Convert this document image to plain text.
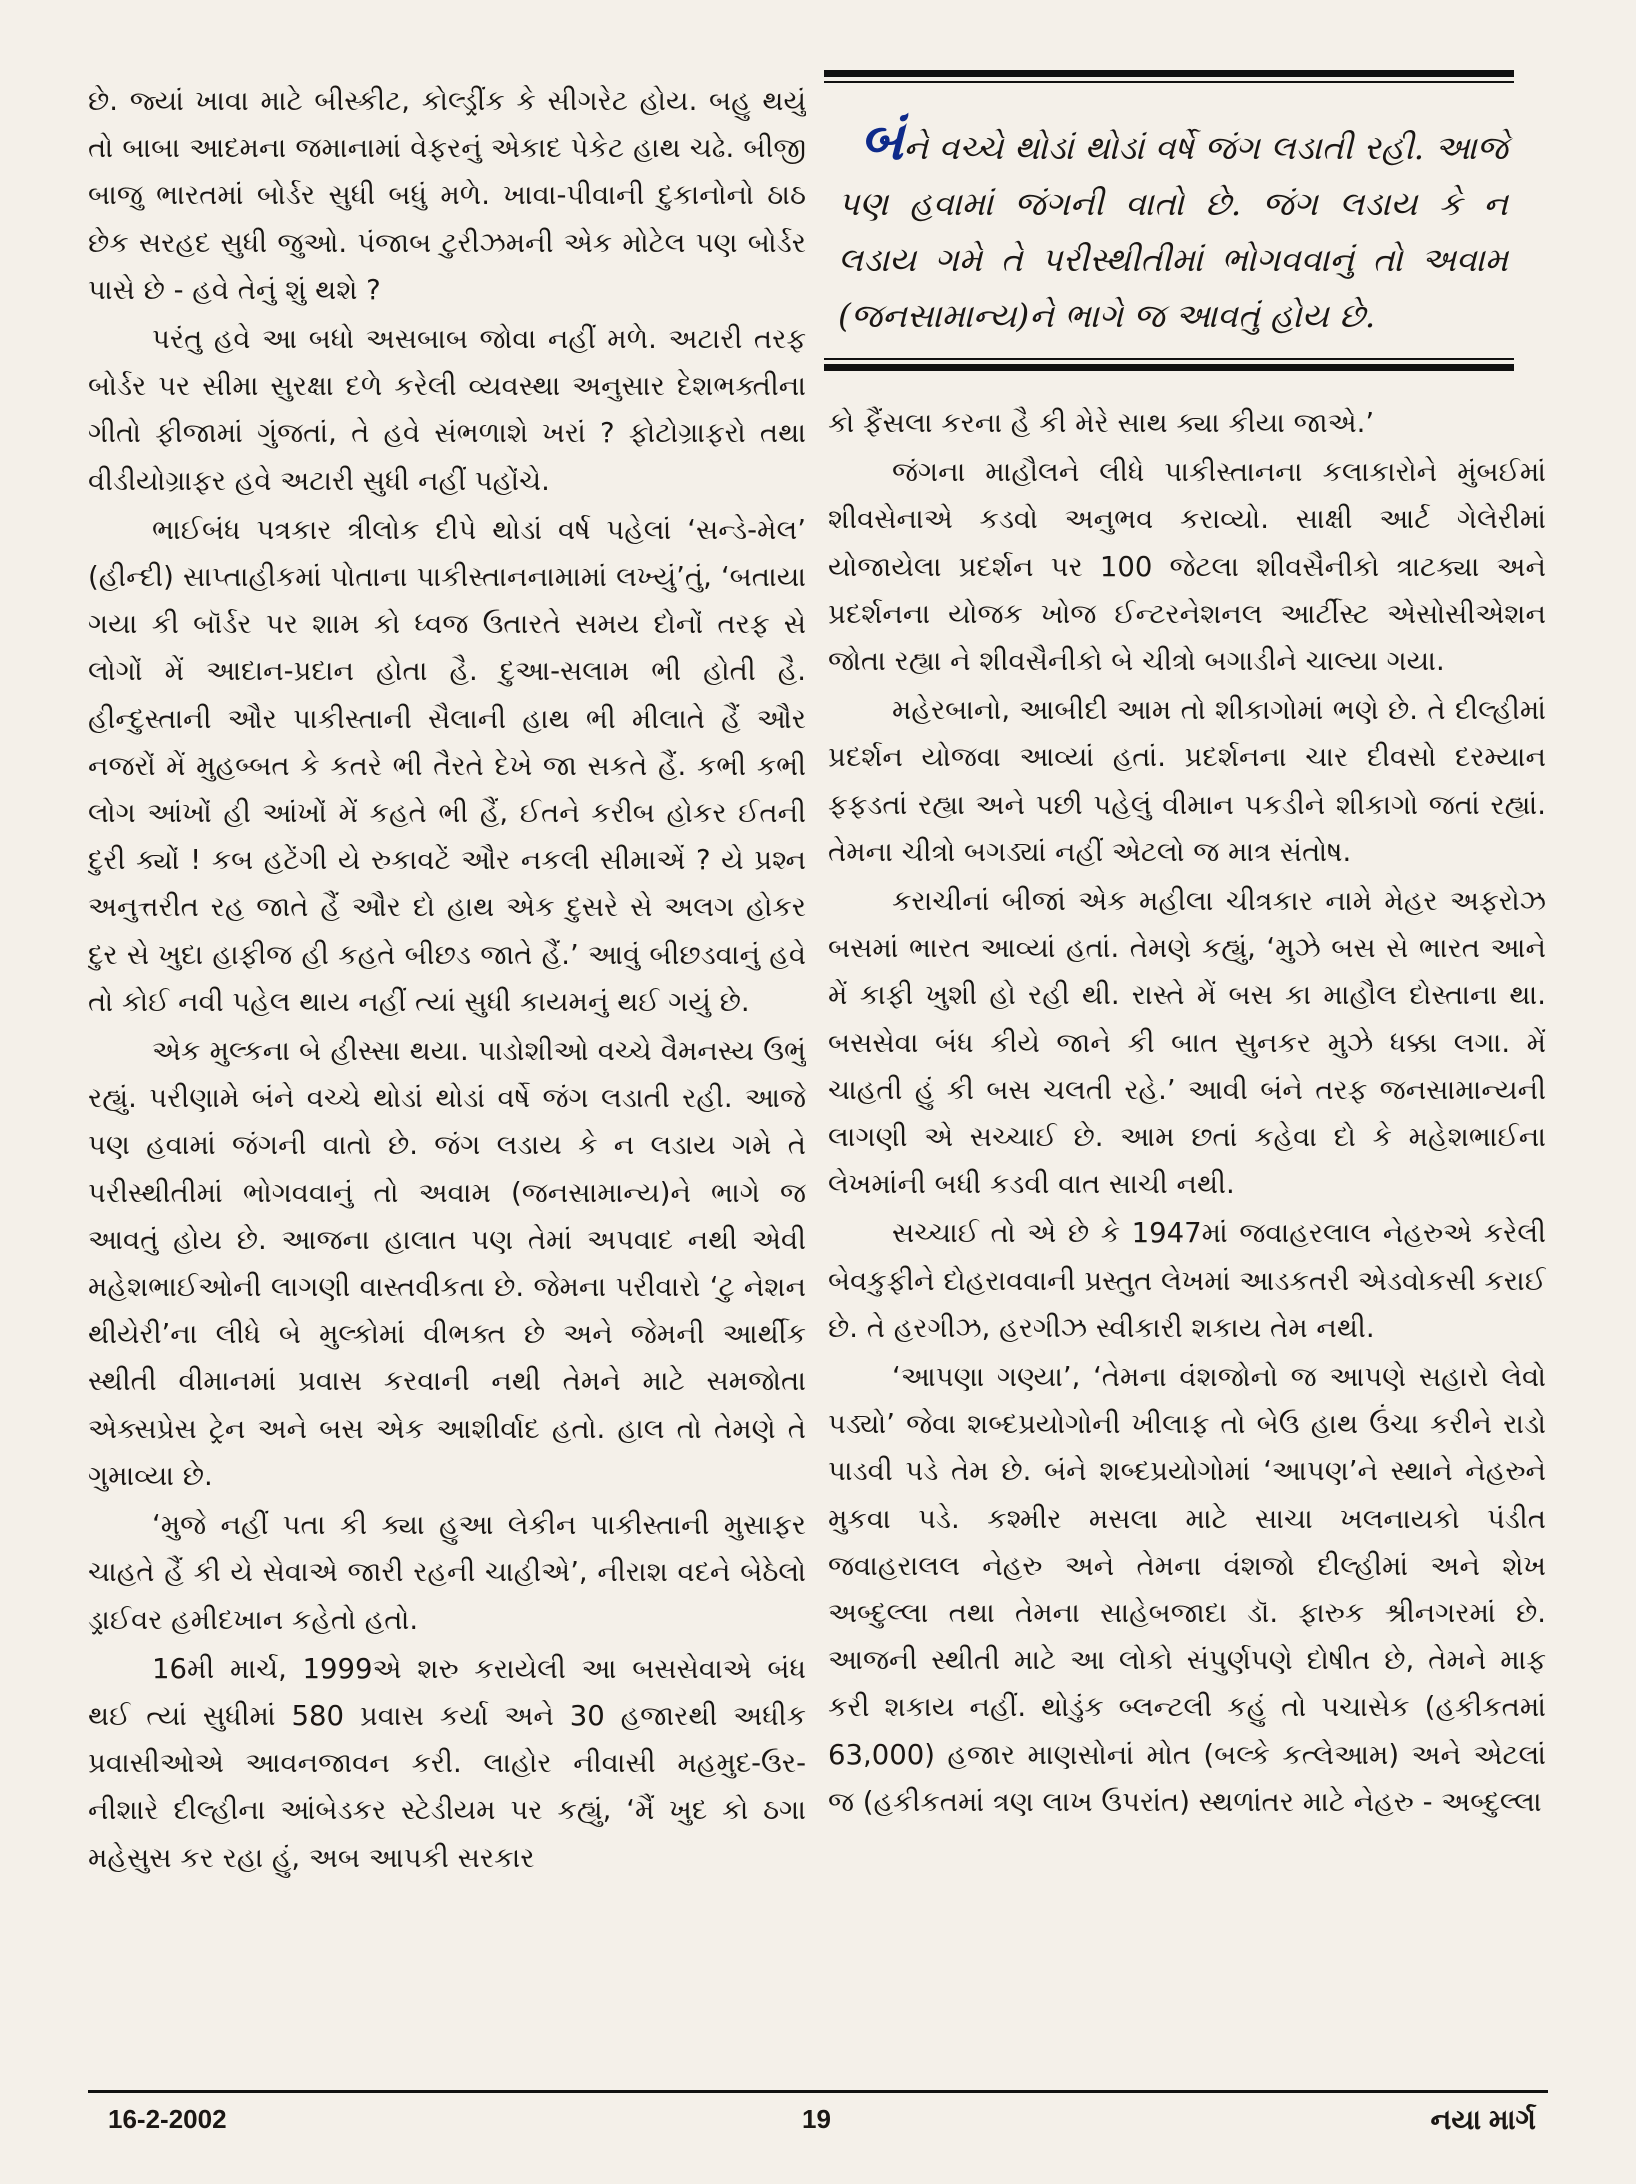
છે. જ્યાં ખાવા માટે બીસ્કીટ, કોલ્ડ્રીંક કે સીગરેટ હોય. બહુ થયું તો બાબા આદમના જમાનામાં વેફરનું એકાદ પેકેટ હાથ ચઢે. બીજી બાજુ ભારતમાં બોર્ડર સુધી બધું મળે. ખાવા-પીવાની દુકાનોનો ઠાઠ છેક સરહદ સુધી જુઓ. પંજાબ ટુરીઝમની એક મોટેલ પણ બોર્ડર પાસે છે - હવે તેનું શું થશે ?

પરંતુ હવે આ બધો અસબાબ જોવા નહીં મળે. અટારી તરફ બોર્ડર પર સીમા સુરક્ષા દળે કરેલી વ્યવસ્થા અનુસાર દેશભક્તીના ગીતો ફીજામાં ગુંજતાં, તે હવે સંભળાશે ખરાં ? ફોટોગ્રાફરો તથા વીડીયોગ્રાફર હવે અટારી સુધી નહીં પહોંચે.

ભાઈબંધ પત્રકાર ત્રીલોક દીપે થોડાં વર્ષ પહેલાં ‘સન્ડે-મેલ’ (હીન્દી) સાપ્તાહીકમાં પોતાના પાકીસ્તાનનામામાં લખ્યું’તું, ‘બતાયા ગયા કી બૉર્ડર પર શામ કો ધ્વજ ઉતારતે સમય દોનોં તરફ સે લોગોં મેં આદાન-પ્રદાન હોતા હૈ. દુઆ-સલામ ભી હોતી હૈ. હીન્દુસ્તાની ઔર પાકીસ્તાની સૈલાની હાથ ભી મીલાતે હૈં ઔર નજરોં મેં મુહબ્બત કે કતરે ભી તૈરતે દેખે જા સકતે હૈં. કભી કભી લોગ આંખોં હી આંખોં મેં કહતે ભી હૈં, ઈતને કરીબ હોકર ઈતની દુરી ક્યોં ! કબ હટેંગી યે રુકાવટેં ઔર નકલી સીમાએં ? યે પ્રશ્ન અનુત્તરીત રહ જાતે હૈં ઔર દો હાથ એક દુસરે સે અલગ હોકર દુર સે ખુદા હાફીજ હી કહતે બીછડ જાતે હૈં.’ આવું બીછડવાનું હવે તો કોઈ નવી પહેલ થાય નહીં ત્યાં સુધી કાયમનું થઈ ગયું છે.

એક મુલ્કના બે હીસ્સા થયા. પાડોશીઓ વચ્ચે વૈમનસ્ય ઉભું રહ્યું. પરીણામે બંને વચ્ચે થોડાં થોડાં વર્ષે જંગ લડાતી રહી. આજે પણ હવામાં જંગની વાતો છે. જંગ લડાય કે ન લડાય ગમે તે પરીસ્થીતીમાં ભોગવવાનું તો અવામ (જનસામાન્ય)ને ભાગે જ આવતું હોય છે. આજના હાલાત પણ તેમાં અપવાદ નથી એવી મહેશભાઈઓની લાગણી વાસ્તવીકતા છે. જેમના પરીવારો ‘ટુ નેશન થીયેરી’ના લીધે બે મુલ્કોમાં વીભક્ત છે અને જેમની આર્થીક સ્થીતી વીમાનમાં પ્રવાસ કરવાની નથી તેમને માટે સમજોતા એક્સપ્રેસ ટ્રેન અને બસ એક આશીર્વાદ હતો. હાલ તો તેમણે તે ગુમાવ્યા છે.

‘મુજે નહીં પતા કી ક્યા હુઆ લેકીન પાકીસ્તાની મુસાફર ચાહતે હૈં કી યે સેવાએ જારી રહની ચાહીએ’, નીરાશ વદને બેઠેલો ડ્રાઈવર હમીદખાન કહેતો હતો.

16મી માર્ચ, 1999એ શરુ કરાયેલી આ બસસેવાએ બંધ થઈ ત્યાં સુધીમાં 580 પ્રવાસ કર્યા અને 30 હજારથી અધીક પ્રવાસીઓએ આવનજાવન કરી. લાહોર નીવાસી મહમુદ-ઉર-નીશારે દીલ્હીના આંબેડકર સ્ટેડીયમ પર કહ્યું, ‘મૈં ખુદ કો ઠગા મહેસુસ કર રહા હું, અબ આપકી સરકાર

બંને વચ્ચે થોડાં થોડાં વર્ષે જંગ લડાતી રહી. આજે પણ હવામાં જંગની વાતો છે. જંગ લડાય કે ન લડાય ગમે તે પરીસ્થીતીમાં ભોગવવાનું તો અવામ (જનસામાન્ય)ને ભાગે જ આવતું હોય છે.

કો ફૈંસલા કરના હૈ કી મેરે સાથ ક્યા કીયા જાએ.’

જંગના માહૌલને લીધે પાકીસ્તાનના કલાકારોને મુંબઈમાં શીવસેનાએ કડવો અનુભવ કરાવ્યો. સાક્ષી આર્ટ ગેલેરીમાં યોજાયેલા પ્રદર્શન પર 100 જેટલા શીવસૈનીકો ત્રાટક્યા અને પ્રદર્શનના યોજક ખોજ ઈન્ટરનેશનલ આર્ટીસ્ટ એસોસીએશન જોતા રહ્યા ને શીવસૈનીકો બે ચીત્રો બગાડીને ચાલ્યા ગયા.

મહેરબાનો, આબીદી આમ તો શીકાગોમાં ભણે છે. તે દીલ્હીમાં પ્રદર્શન યોજવા આવ્યાં હતાં. પ્રદર્શનના ચાર દીવસો દરમ્યાન ફફડતાં રહ્યા અને પછી પહેલું વીમાન પકડીને શીકાગો જતાં રહ્યાં. તેમના ચીત્રો બગડ્યાં નહીં એટલો જ માત્ર સંતોષ.

કરાચીનાં બીજાં એક મહીલા ચીત્રકાર નામે મેહર અફરોઝ બસમાં ભારત આવ્યાં હતાં. તેમણે કહ્યું, ‘મુઝે બસ સે ભારત આને મેં કાફી ખુશી હો રહી થી. રાસ્તે મેં બસ કા માહૌલ દોસ્તાના થા. બસસેવા બંધ કીયે જાને કી બાત સુનકર મુઝે ધક્કા લગા. મેં ચાહતી હું કી બસ ચલતી રહે.’ આવી બંને તરફ જનસામાન્યની લાગણી એ સચ્ચાઈ છે. આમ છતાં કહેવા દો કે મહેશભાઈના લેખમાંની બધી કડવી વાત સાચી નથી.

સચ્ચાઈ તો એ છે કે 1947માં જવાહરલાલ નેહરુએ કરેલી બેવકુફીને દોહરાવવાની પ્રસ્તુત લેખમાં આડકતરી એડવોકસી કરાઈ છે. તે હરગીઝ, હરગીઝ સ્વીકારી શકાય તેમ નથી.

‘આપણા ગણ્યા’, ‘તેમના વંશજોનો જ આપણે સહારો લેવો પડ્યો’ જેવા શબ્દપ્રયોગોની ખીલાફ તો બેઉ હાથ ઉંચા કરીને રાડો પાડવી પડે તેમ છે. બંને શબ્દપ્રયોગોમાં ‘આપણ’ને સ્થાને નેહરુને મુકવા પડે. કશ્મીર મસલા માટે સાચા ખલનાયકો પંડીત જવાહરાલલ નેહરુ અને તેમના વંશજો દીલ્હીમાં અને શેખ અબ્દુલ્લા તથા તેમના સાહેબજાદા ડૉ. ફારુક શ્રીનગરમાં છે. આજની સ્થીતી માટે આ લોકો સંપુર્ણપણે દોષીત છે, તેમને માફ કરી શકાય નહીં. થોડુંક બ્લન્ટલી કહું તો પચાસેક (હકીકતમાં 63,000) હજાર માણસોનાં મોત (બલ્કે કત્લેઆમ) અને એટલાં જ (હકીકતમાં ત્રણ લાખ ઉપરાંત) સ્થળાંતર માટે નેહરુ - અબ્દુલ્લા

16-2-2002	19	નયા માર્ગ
